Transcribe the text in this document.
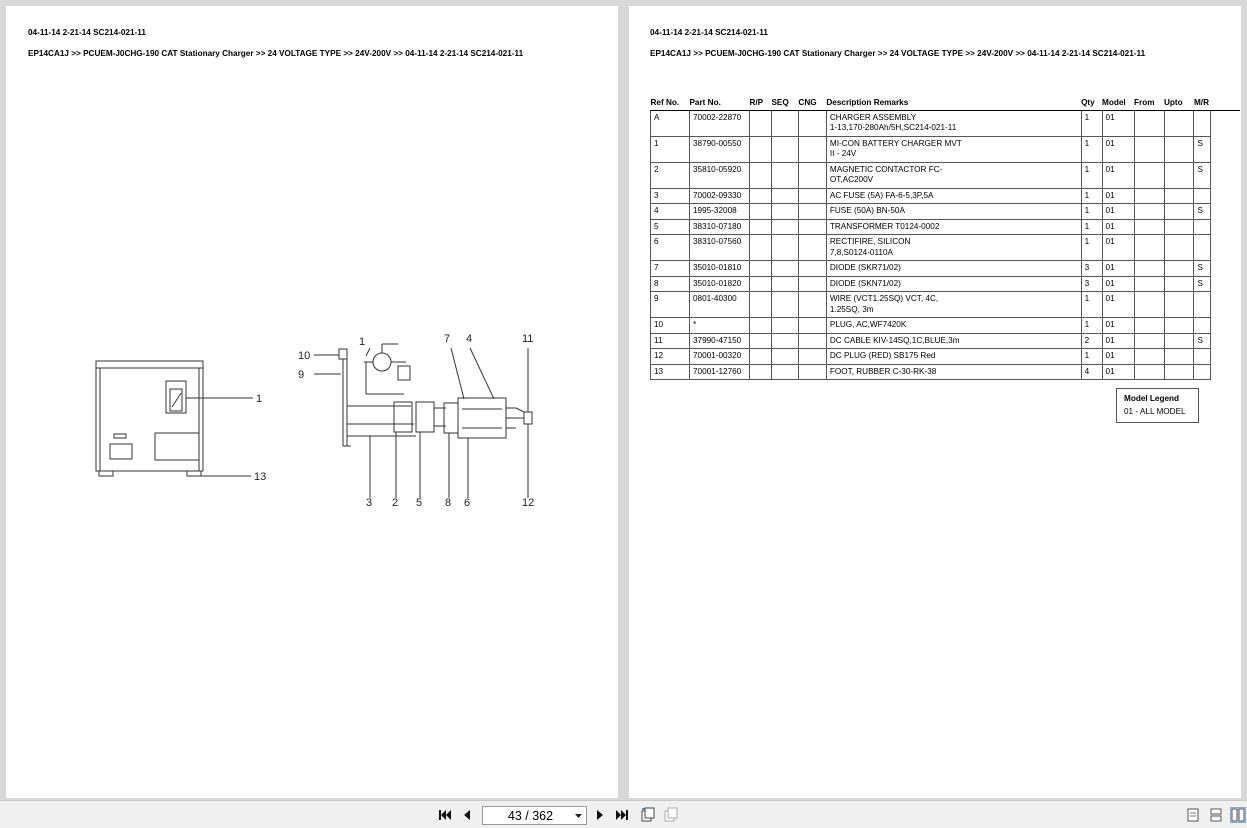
04-11-14 2-21-14 SC214-021-11
EP14CA1J >> PCUEM-J0CHG-190 CAT Stationary Charger >> 24 VOLTAGE TYPE >> 24V-200V >> 04-11-14 2-21-14 SC214-021-11
1
13
10
9
1	7 4	11
3 2 5 8 6	12
04-11-14 2-21-14 SC214-021-11
EP14CA1J >> PCUEM-J0CHG-190 CAT Stationary Charger >> 24 VOLTAGE TYPE >> 24V-200V >> 04-11-14 2-21-14 SC214-021-11
Ref No.	Part No.	R/P	SEQ	CNG	Description Remarks	Qty	Model	From	Upto	M/R	
A	70002-22870				CHARGER ASSEMBLY
1-13,170-280Ah/5H,SC214-021-11	1	01				
1	38790-00550				MI-CON BATTERY CHARGER MVT
II - 24V	1	01			S	
2	35810-05920				MAGNETIC CONTACTOR FC-
OT,AC200V	1	01			S	
3	70002-09330				AC FUSE (5A) FA-6-5,3P,5A	1	01				
4	1995-32008				FUSE (50A) BN-50A	1	01			S	
5	38310-07180				TRANSFORMER T0124-0002	1	01				
6	38310-07560				RECTIFIRE, SILICON
7,8,S0124-0110A	1	01				
7	35010-01810				DIODE (SKR71/02)	3	01			S	
8	35010-01820				DIODE (SKN71/02)	3	01			S	
9	0801-40300				WIRE (VCT1.25SQ) VCT, 4C,
1.25SQ, 3m	1	01				
10	*				PLUG, AC,WF7420K	1	01				
11	37990-47150				DC CABLE KIV-14SQ,1C,BLUE,3m	2	01			S	
12	70001-00320				DC PLUG (RED) SB175 Red	1	01				
13	70001-12760				FOOT, RUBBER C-30-RK-38	4	01				
Model Legend
01 - ALL MODEL
43 / 362
